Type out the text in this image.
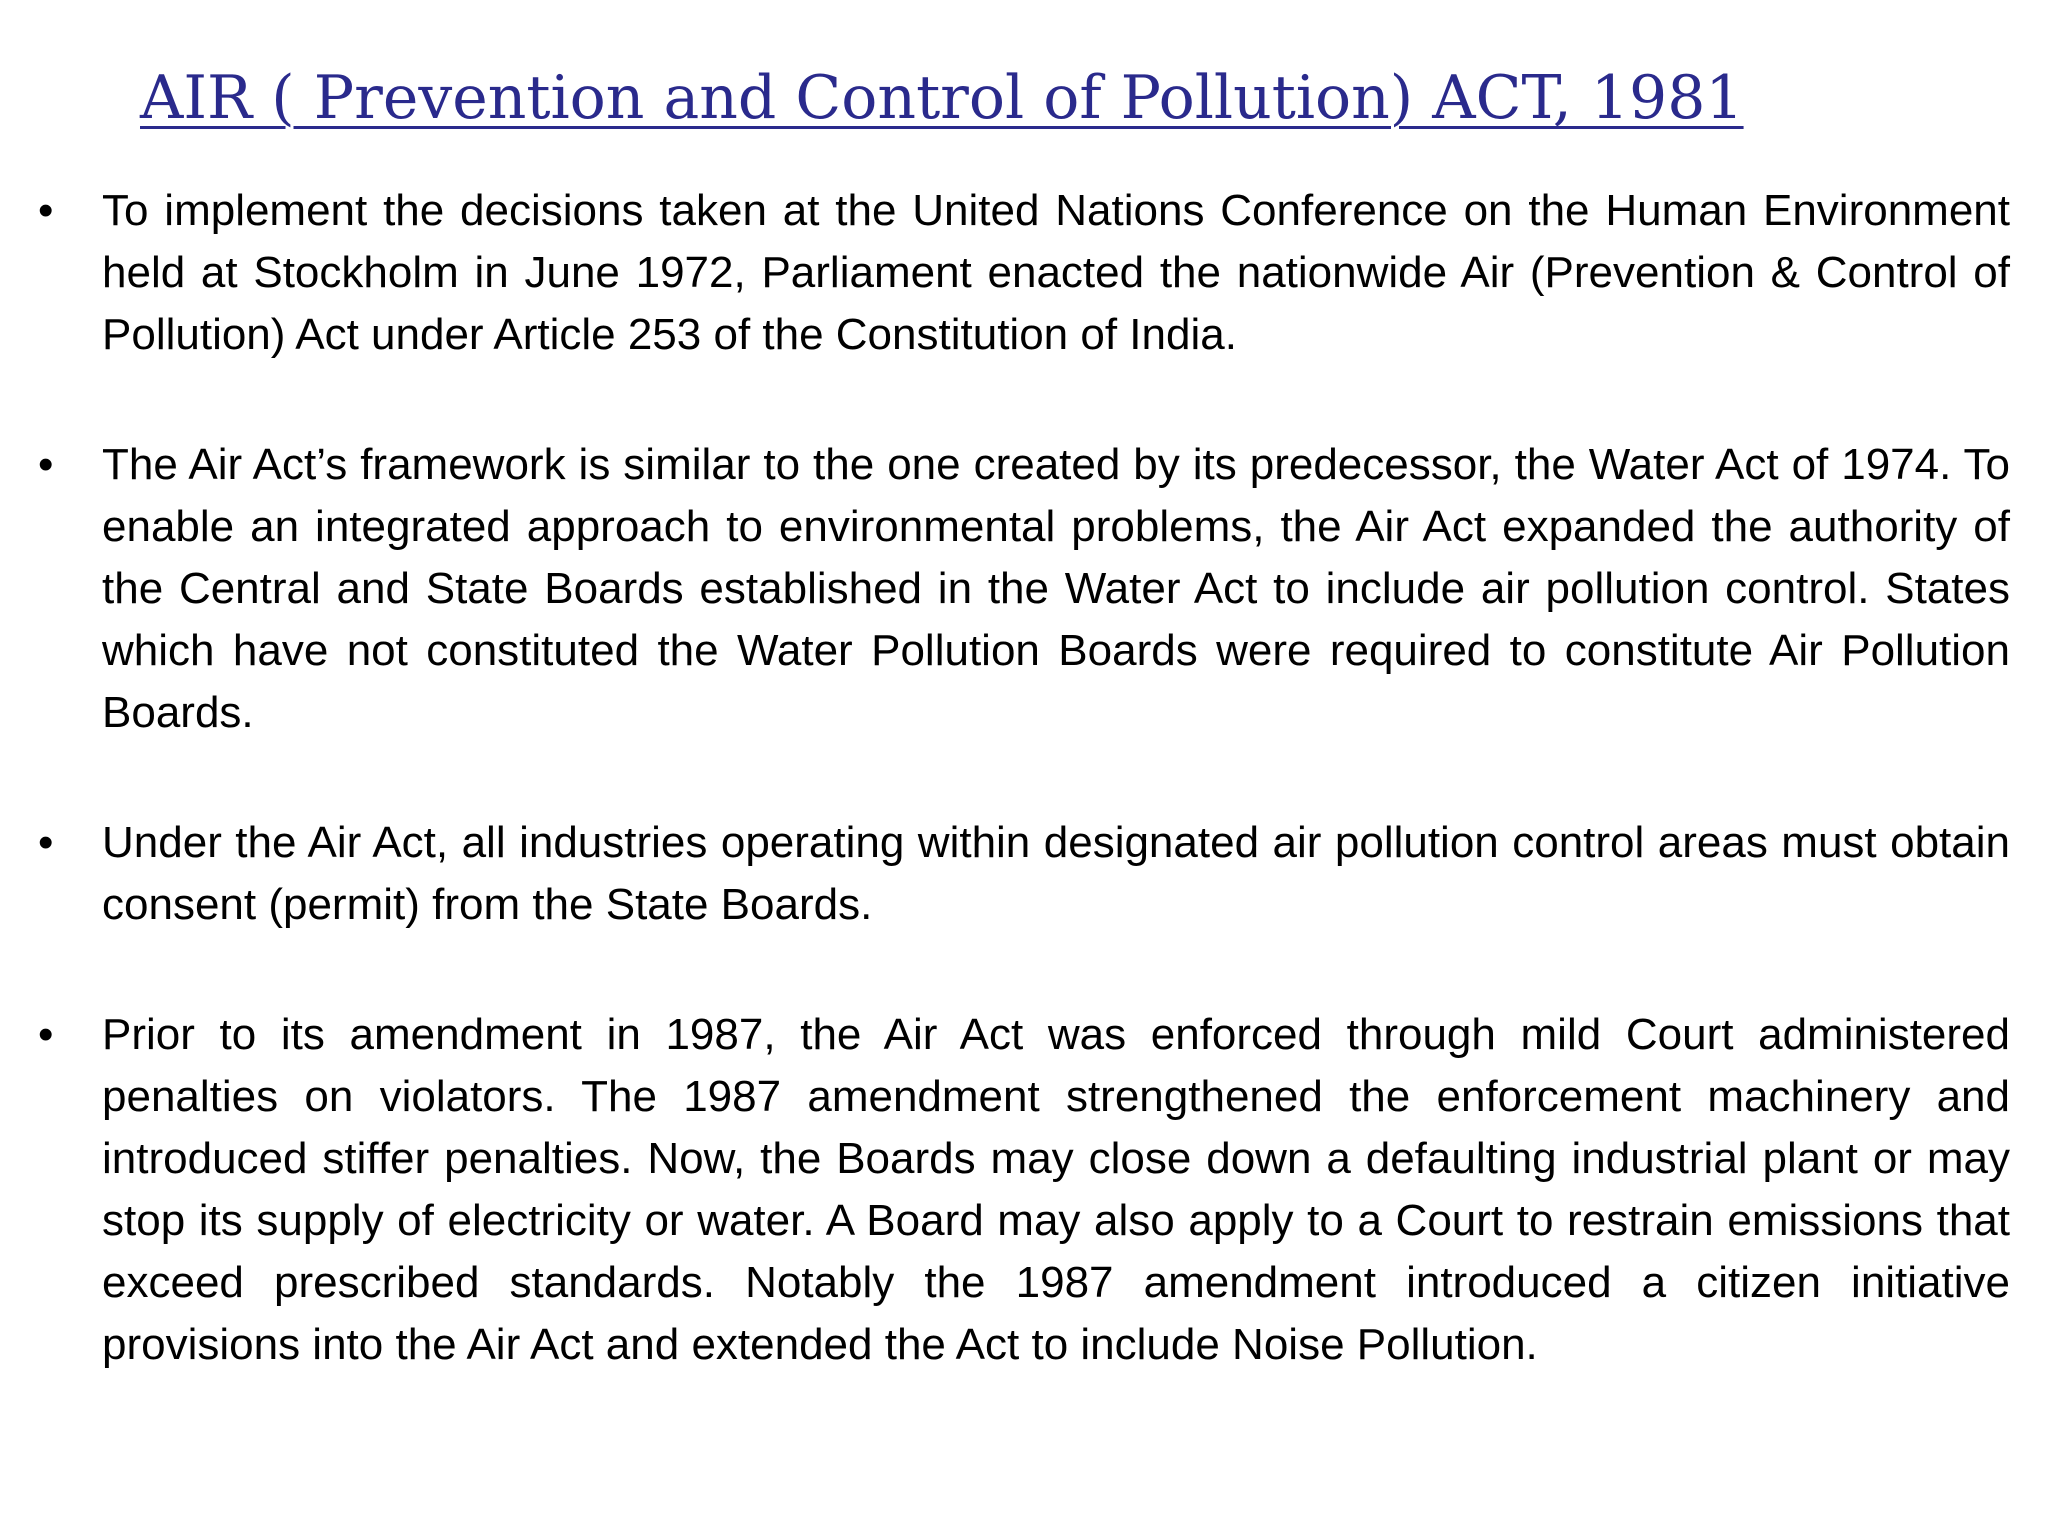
AIR ( Prevention and Control of Pollution) ACT, 1981
•	To implement the decisions taken at the United Nations Conference on the Human Environment held at Stockholm in June 1972, Parliament enacted the nationwide Air (Prevention & Control of Pollution) Act under Article 253 of the Constitution of India.

•	The Air Act’s framework is similar to the one created by its predecessor, the Water Act of 1974. To enable an integrated approach to environmental problems, the Air Act expanded the authority of the Central and State Boards established in the Water Act to include air pollution control. States which have not constituted the Water Pollution Boards were required to constitute Air Pollution Boards.

•	Under the Air Act, all industries operating within designated air pollution control areas must obtain consent (permit) from the State Boards.

•	Prior to its amendment in 1987, the Air Act was enforced through mild Court administered penalties on violators. The 1987 amendment strengthened the enforcement machinery and introduced stiffer penalties. Now, the Boards may close down a defaulting industrial plant or may stop its supply of electricity or water. A Board may also apply to a Court to restrain emissions that exceed prescribed standards. Notably the 1987 amendment introduced a citizen initiative provisions into the Air Act and extended the Act to include Noise Pollution.
